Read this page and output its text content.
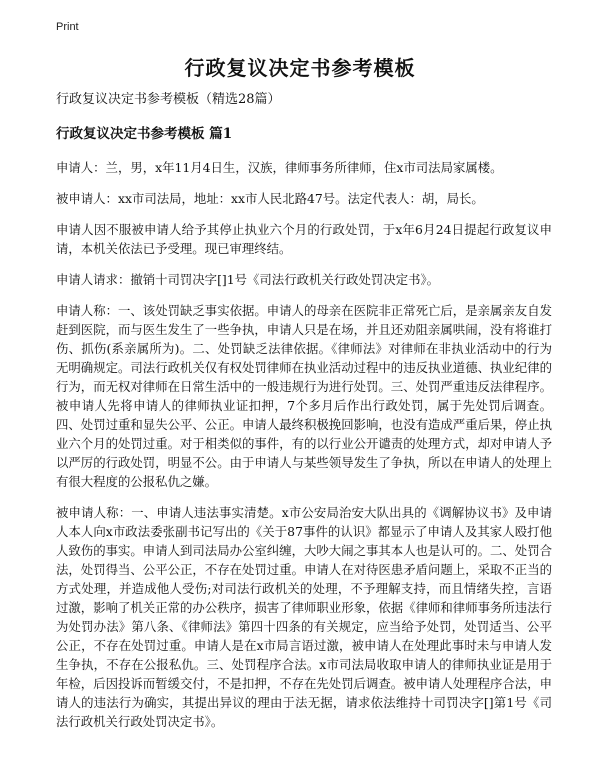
Print
行政复议决定书参考模板

行政复议决定书参考模板（精选28篇）

行政复议决定书参考模板 篇1

申请人：兰，男，x年11月4日生，汉族，律师事务所律师，住x市司法局家属楼。

被申请人：xx市司法局，地址：xx市人民北路47号。法定代表人：胡，局长。

申请人因不服被申请人给予其停止执业六个月的行政处罚，于x年6月24日提起行政复议申请，本机关依法已予受理。现已审理终结。

申请人请求：撤销十司罚决字[]1号《司法行政机关行政处罚决定书》。

申请人称：一、该处罚缺乏事实依据。申请人的母亲在医院非正常死亡后，是亲属亲友自发赶到医院，而与医生发生了一些争执，申请人只是在场，并且还劝阻亲属哄闹，没有将谁打伤、抓伤(系亲属所为)。二、处罚缺乏法律依据。《律师法》对律师在非执业活动中的行为无明确规定。司法行政机关仅有权处罚律师在执业活动过程中的违反执业道德、执业纪律的行为，而无权对律师在日常生活中的一般违规行为进行处罚。三、处罚严重违反法律程序。被申请人先将申请人的律师执业证扣押，7个多月后作出行政处罚，属于先处罚后调查。四、处罚过重和显失公平、公正。申请人最终积极挽回影响，也没有造成严重后果，停止执业六个月的处罚过重。对于相类似的事件，有的以行业公开谴责的处理方式，却对申请人予以严厉的行政处罚，明显不公。由于申请人与某些领导发生了争执，所以在申请人的处理上有很大程度的公报私仇之嫌。

被申请人称：一、申请人违法事实清楚。x市公安局治安大队出具的《调解协议书》及申请人本人向x市政法委张副书记写出的《关于87事件的认识》都显示了申请人及其家人殴打他人致伤的事实。申请人到司法局办公室纠缠，大吵大闹之事其本人也是认可的。二、处罚合法，处罚得当、公平公正，不存在处罚过重。申请人在对待医患矛盾问题上，采取不正当的方式处理，并造成他人受伤;对司法行政机关的处理，不予理解支持，而且情绪失控，言语过激，影响了机关正常的办公秩序，损害了律师职业形象，依据《律师和律师事务所违法行为处罚办法》第八条、《律师法》第四十四条的有关规定，应当给予处罚，处罚适当、公平公正，不存在处罚过重。申请人是在x市局言语过激，被申请人在处理此事时未与申请人发生争执，不存在公报私仇。三、处罚程序合法。x市司法局收取申请人的律师执业证是用于年检，后因投诉而暂缓交付，不是扣押，不存在先处罚后调查。被申请人处理程序合法，申请人的违法行为确实，其提出异议的理由于法无据，请求依法维持十司罚决字[]第1号《司法行政机关行政处罚决定书》。
